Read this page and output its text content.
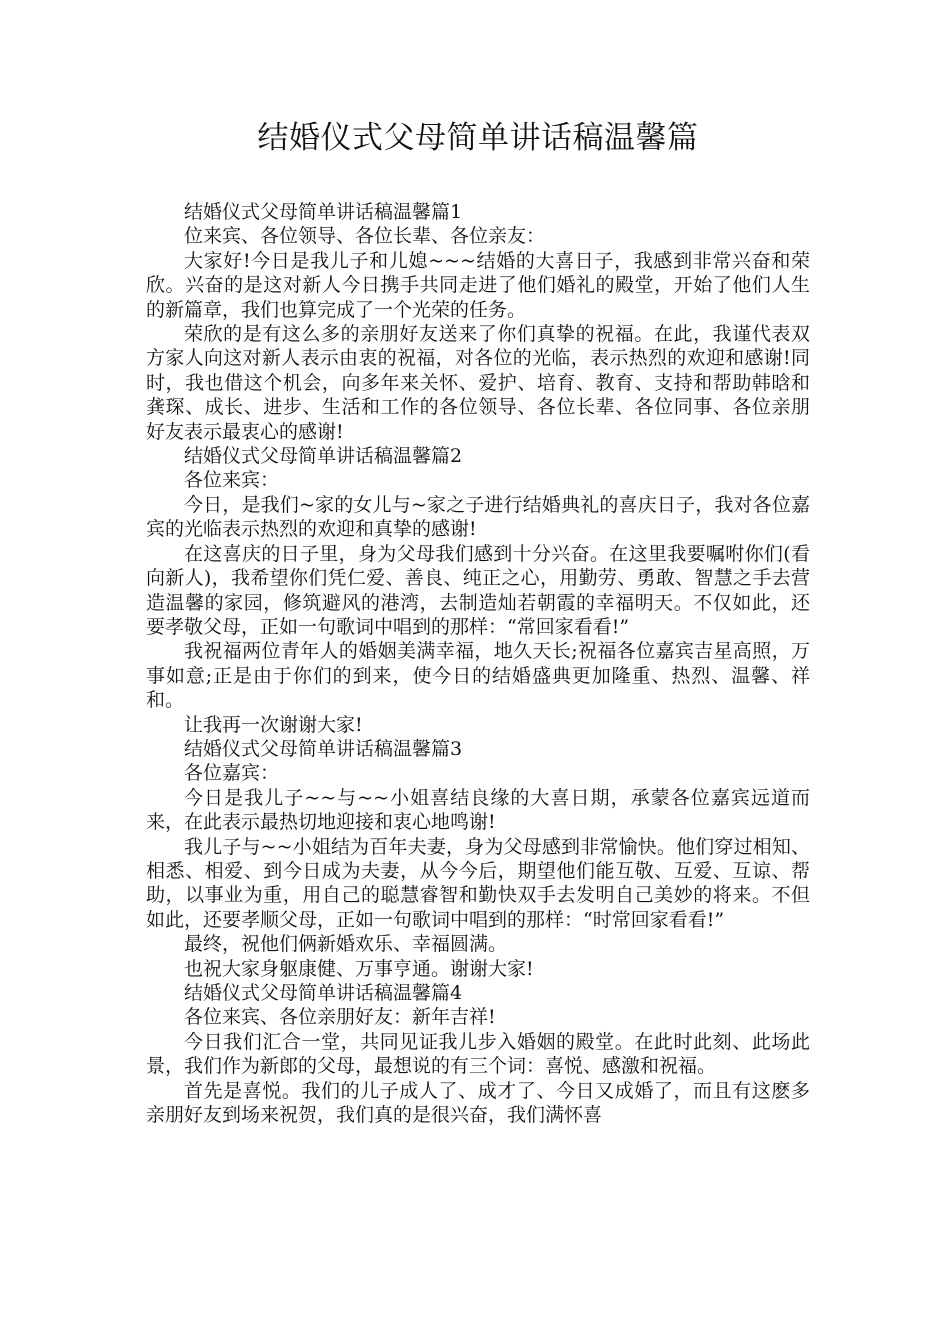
结婚仪式父母简单讲话稿温馨篇

结婚仪式父母简单讲话稿温馨篇1

位来宾、各位领导、各位长辈、各位亲友：

大家好!今日是我儿子和儿媳~~~结婚的大喜日子，我感到非常兴奋和荣欣。兴奋的是这对新人今日携手共同走进了他们婚礼的殿堂，开始了他们人生的新篇章，我们也算完成了一个光荣的任务。

荣欣的是有这么多的亲朋好友送来了你们真挚的祝福。在此，我谨代表双方家人向这对新人表示由衷的祝福，对各位的光临，表示热烈的欢迎和感谢!同时，我也借这个机会，向多年来关怀、爱护、培育、教育、支持和帮助韩晗和龚琛、成长、进步、生活和工作的各位领导、各位长辈、各位同事、各位亲朋好友表示最衷心的感谢!

结婚仪式父母简单讲话稿温馨篇2

各位来宾：

今日，是我们~家的女儿与~家之子进行结婚典礼的喜庆日子，我对各位嘉宾的光临表示热烈的欢迎和真挚的感谢!

在这喜庆的日子里，身为父母我们感到十分兴奋。在这里我要嘱咐你们(看向新人)，我希望你们凭仁爱、善良、纯正之心，用勤劳、勇敢、智慧之手去营造温馨的家园，修筑避风的港湾，去制造灿若朝霞的幸福明天。不仅如此，还要孝敬父母，正如一句歌词中唱到的那样：“常回家看看!”

我祝福两位青年人的婚姻美满幸福，地久天长;祝福各位嘉宾吉星高照，万事如意;正是由于你们的到来，使今日的结婚盛典更加隆重、热烈、温馨、祥和。

让我再一次谢谢大家!

结婚仪式父母简单讲话稿温馨篇3

各位嘉宾：

今日是我儿子~~与~~小姐喜结良缘的大喜日期，承蒙各位嘉宾远道而来，在此表示最热切地迎接和衷心地鸣谢!

我儿子与~~小姐结为百年夫妻，身为父母感到非常愉快。他们穿过相知、相悉、相爱、到今日成为夫妻，从今今后，期望他们能互敬、互爱、互谅、帮助，以事业为重，用自己的聪慧睿智和勤快双手去发明自己美妙的将来。不但如此，还要孝顺父母，正如一句歌词中唱到的那样：“时常回家看看!”

最终，祝他们俩新婚欢乐、幸福圆满。

也祝大家身躯康健、万事亨通。谢谢大家!

结婚仪式父母简单讲话稿温馨篇4

各位来宾、各位亲朋好友：新年吉祥!

今日我们汇合一堂，共同见证我儿步入婚姻的殿堂。在此时此刻、此场此景，我们作为新郎的父母，最想说的有三个词：喜悦、感激和祝福。

首先是喜悦。我们的儿子成人了、成才了、今日又成婚了，而且有这麽多亲朋好友到场来祝贺，我们真的是很兴奋，我们满怀喜
